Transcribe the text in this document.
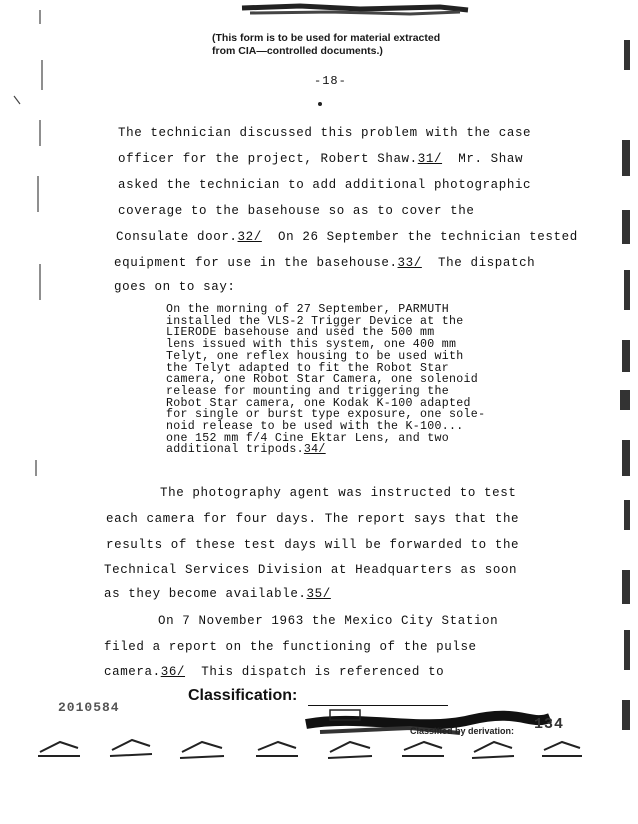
(This form is to be used for material extracted
from CIA—controlled documents.)
-18-
The technician discussed this problem with the case
officer for the project, Robert Shaw.31/  Mr. Shaw
asked the technician to add additional photographic
coverage to the basehouse so as to cover the
Consulate door.32/  On 26 September the technician tested
equipment for use in the basehouse.33/  The dispatch
goes on to say:
On the morning of 27 September, PARMUTH
installed the VLS-2 Trigger Device at the
LIERODE basehouse and used the 500 mm
lens issued with this system, one 400 mm
Telyt, one reflex housing to be used with
the Telyt adapted to fit the Robot Star
camera, one Robot Star Camera, one solenoid
release for mounting and triggering the
Robot Star camera, one Kodak K-100 adapted
for single or burst type exposure, one sole-
noid release to be used with the K-100...
one 152 mm f/4 Cine Ektar Lens, and two
additional tripods.34/
The photography agent was instructed to test
each camera for four days. The report says that the
results of these test days will be forwarded to the
Technical Services Division at Headquarters as soon
as they become available.35/
On 7 November 1963 the Mexico City Station
filed a report on the functioning of the pulse
camera.36/  This dispatch is referenced to
Classification:
2010584
Classified by derivation: 134
